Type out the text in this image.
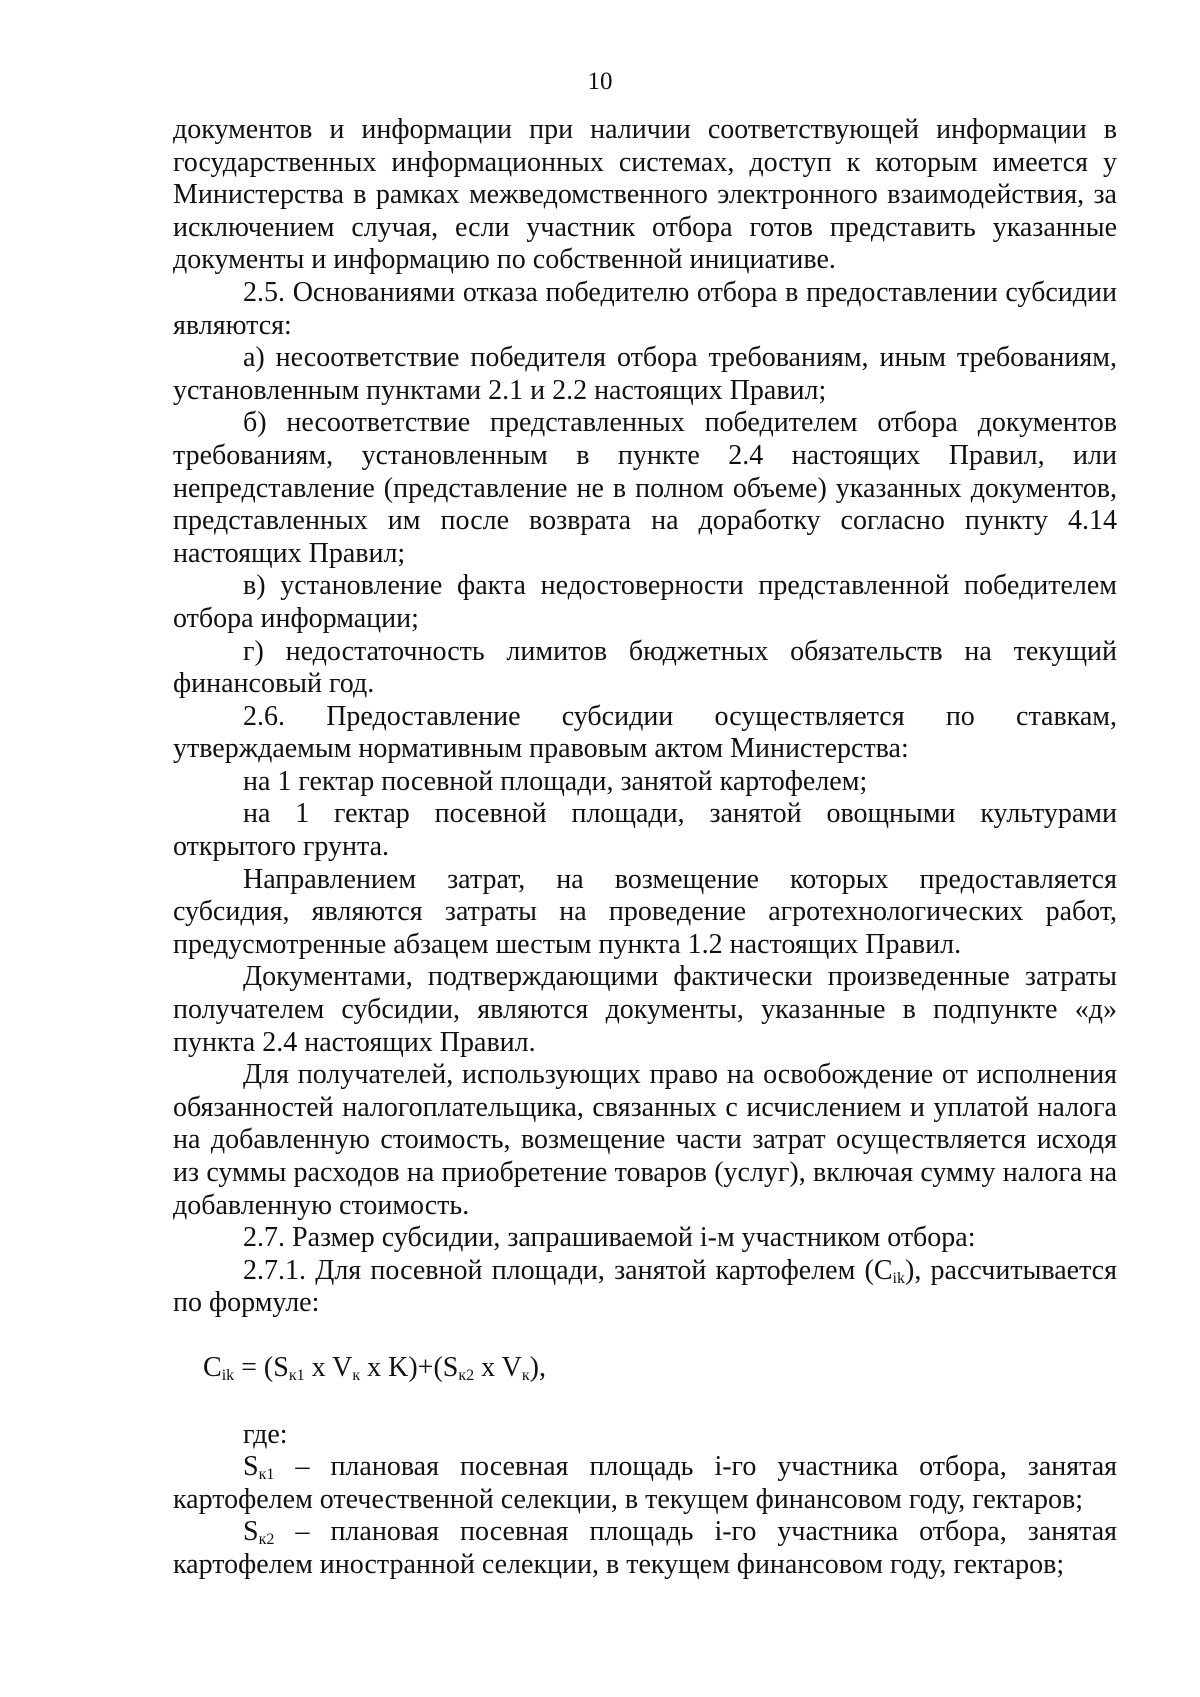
10

документов и информации при наличии соответствующей информации в государственных информационных системах, доступ к которым имеется у Министерства в рамках межведомственного электронного взаимодействия, за исключением случая, если участник отбора готов представить указанные документы и информацию по собственной инициативе.

2.5. Основаниями отказа победителю отбора в предоставлении субсидии являются:

а) несоответствие победителя отбора требованиям, иным требованиям, установленным пунктами 2.1 и 2.2 настоящих Правил;

б) несоответствие представленных победителем отбора документов требованиям, установленным в пункте 2.4 настоящих Правил, или непредставление (представление не в полном объеме) указанных документов, представленных им после возврата на доработку согласно пункту 4.14 настоящих Правил;

в) установление факта недостоверности представленной победителем отбора информации;

г) недостаточность лимитов бюджетных обязательств на текущий финансовый год.

2.6. Предоставление субсидии осуществляется по ставкам, утверждаемым нормативным правовым актом Министерства:

на 1 гектар посевной площади, занятой картофелем;

на 1 гектар посевной площади, занятой овощными культурами открытого грунта.

Направлением затрат, на возмещение которых предоставляется субсидия, являются затраты на проведение агротехнологических работ, предусмотренные абзацем шестым пункта 1.2 настоящих Правил.

Документами, подтверждающими фактически произведенные затраты получателем субсидии, являются документы, указанные в подпункте «д» пункта 2.4 настоящих Правил.

Для получателей, использующих право на освобождение от исполнения обязанностей налогоплательщика, связанных с исчислением и уплатой налога на добавленную стоимость, возмещение части затрат осуществляется исходя из суммы расходов на приобретение товаров (услуг), включая сумму налога на добавленную стоимость.

2.7. Размер субсидии, запрашиваемой i-м участником отбора:

2.7.1. Для посевной площади, занятой картофелем $(C_{ik})$, рассчитывается по формуле:

$C_{ik} = (S_{к1}$ x $V_к$ x $K)+(S_{к2}$ x $V_к$),

где:

$S_{к1}$ – плановая посевная площадь i-го участника отбора, занятая картофелем отечественной селекции, в текущем финансовом году, гектаров;

$S_{к2}$ – плановая посевная площадь i-го участника отбора, занятая картофелем иностранной селекции, в текущем финансовом году, гектаров;
